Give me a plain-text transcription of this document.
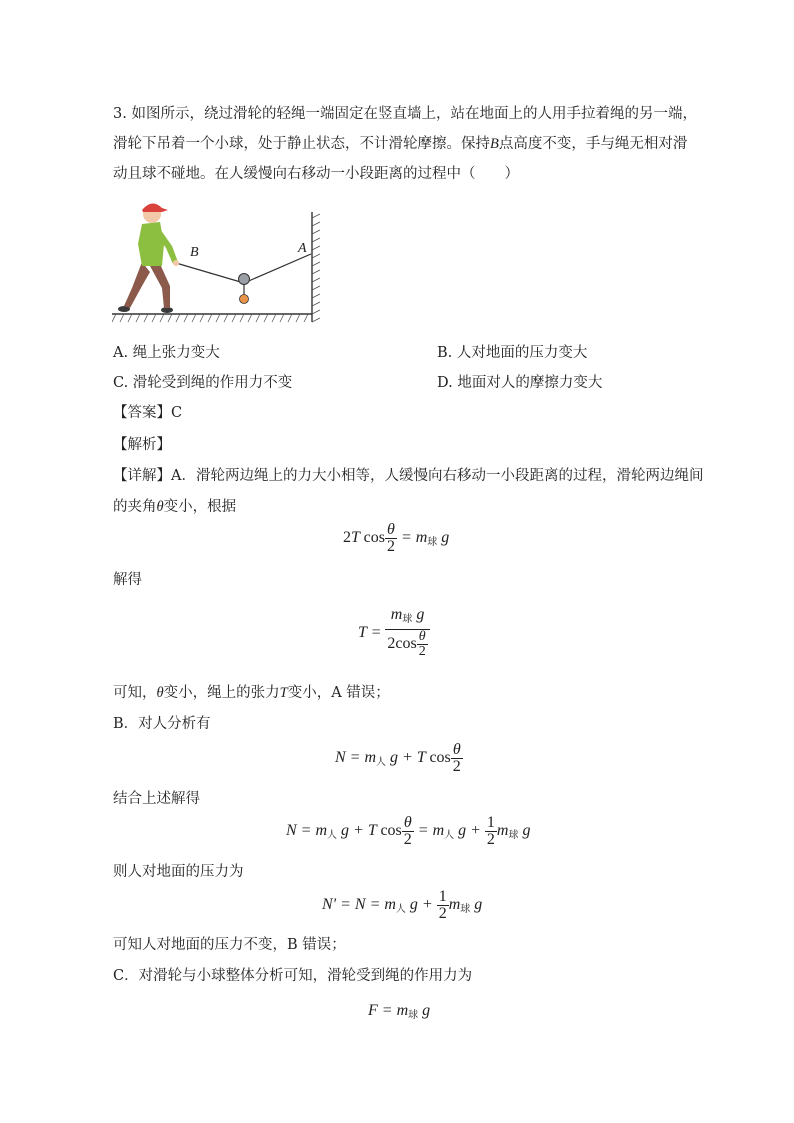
3. 如图所示，绕过滑轮的轻绳一端固定在竖直墙上，站在地面上的人用手拉着绳的另一端，
滑轮下吊着一个小球，处于静止状态，不计滑轮摩擦。保持B点高度不变，手与绳无相对滑
动且球不碰地。在人缓慢向右移动一小段距离的过程中（　　）
B	A
A. 绳上张力变大	B. 人对地面的压力变大
C. 滑轮受到绳的作用力不变	D. 地面对人的摩擦力变大
【答案】C
【解析】
【详解】A．滑轮两边绳上的力大小相等，人缓慢向右移动一小段距离的过程，滑轮两边绳间
的夹角θ变小，根据
2T $\cos \frac{\theta}{2} = m_球$ g
解得
$T = \frac{m_球 g}{2\cos \frac{\theta}{2}}$
可知，θ变小，绳上的张力T变小，A 错误；
B．对人分析有
$N = m_人$ g + T $\cos \frac{\theta}{2}$
结合上述解得
$N = m_人$ g + T $\cos \frac{\theta}{2} = m_人$ $g + \frac{1}{2} m_球$ g
则人对地面的压力为
$N' = N = m_人$ $g + \frac{1}{2} m_球$ g
可知人对地面的压力不变，B 错误；
C．对滑轮与小球整体分析可知，滑轮受到绳的作用力为
$F = m_球$ g
